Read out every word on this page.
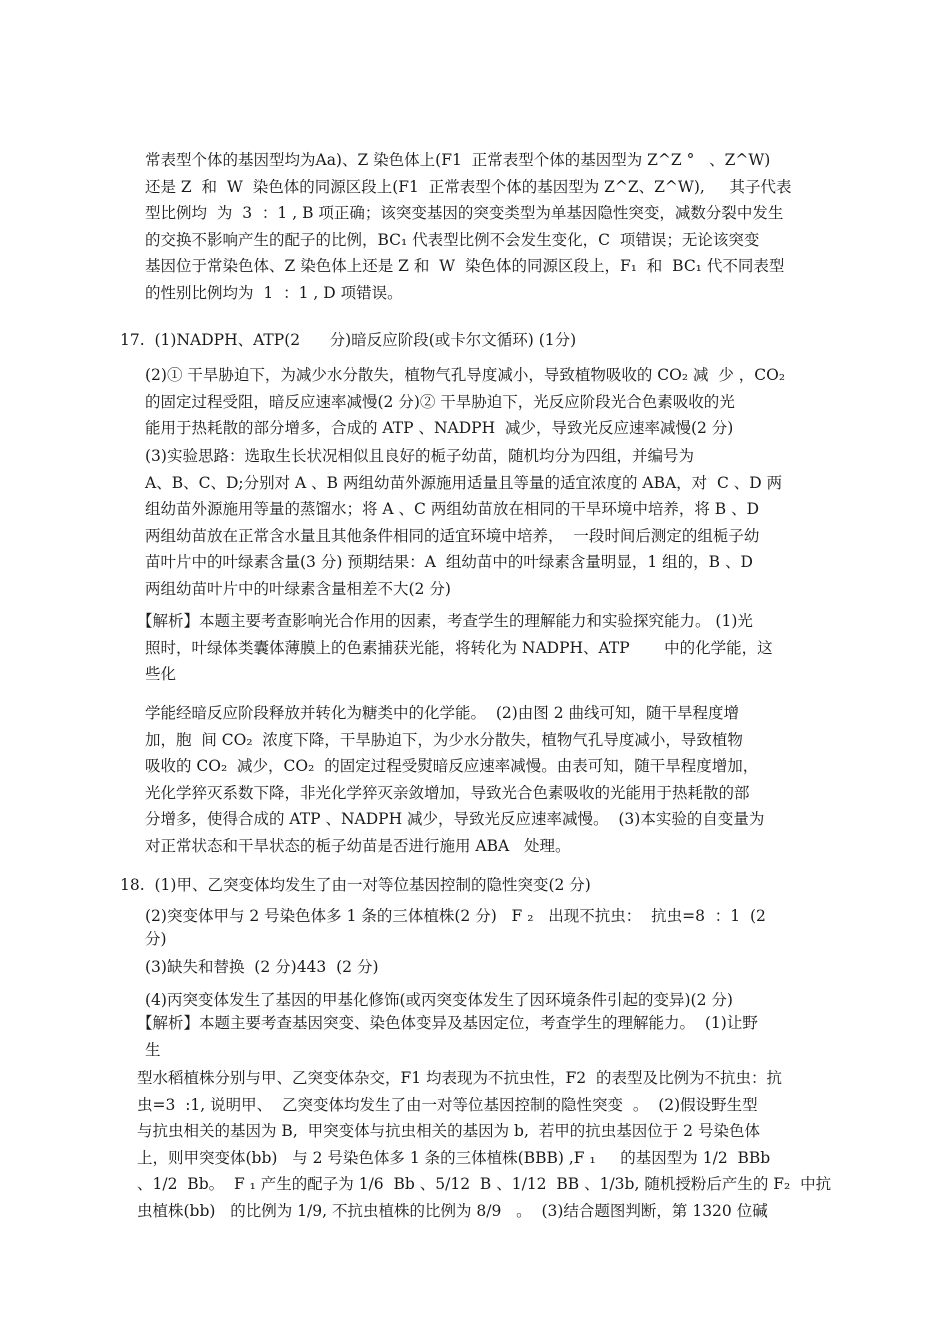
常表型个体的基因型均为Aa)、Z 染色体上(F1  正常表型个体的基因型为 Z^Z °   、Z^W)

还是 Z  和  W  染色体的同源区段上(F1  正常表型个体的基因型为 Z^Z、Z^W),     其子代表

型比例均  为  3  ：1 , B 项正确；该突变基因的突变类型为单基因隐性突变，减数分裂中发生

的交换不影响产生的配子的比例，BC₁ 代表型比例不会发生变化，C  项错误；无论该突变

基因位于常染色体、Z 染色体上还是 Z 和  W  染色体的同源区段上，F₁  和  BC₁ 代不同表型

的性别比例均为  1  ：1 , D 项错误。

17.  (1)NADPH、ATP(2      分)暗反应阶段(或卡尔文循环) (1分)

(2)① 干旱胁迫下，为减少水分散失，植物气孔导度减小，导致植物吸收的 CO₂ 减  少 ，CO₂

的固定过程受阻，暗反应速率减慢(2 分)② 干旱胁迫下，光反应阶段光合色素吸收的光

能用于热耗散的部分增多，合成的 ATP 、NADPH  减少，导致光反应速率减慢(2 分)

(3)实验思路：选取生长状况相似且良好的栀子幼苗，随机均分为四组，并编号为

A、B、C、D;分别对 A 、B 两组幼苗外源施用适量且等量的适宜浓度的 ABA，对  C 、D 两

组幼苗外源施用等量的蒸馏水；将 A 、C 两组幼苗放在相同的干旱环境中培养，将 B 、D

两组幼苗放在正常含水量且其他条件相同的适宜环境中培养，  一段时间后测定的组栀子幼

苗叶片中的叶绿素含量(3 分) 预期结果：A  组幼苗中的叶绿素含量明显，1 组的，B 、D

两组幼苗叶片中的叶绿素含量相差不大(2 分)

【解析】本题主要考查影响光合作用的因素，考查学生的理解能力和实验探究能力。 (1)光

照时，叶绿体类囊体薄膜上的色素捕获光能，将转化为 NADPH、ATP       中的化学能，这

些化

学能经暗反应阶段释放并转化为糖类中的化学能。  (2)由图 2 曲线可知，随干旱程度增

加，胞  间 CO₂  浓度下降，干旱胁迫下，为少水分散失，植物气孔导度减小，导致植物

吸收的 CO₂  减少，CO₂  的固定过程受熨暗反应速率减慢。由表可知，随干旱程度增加，

光化学猝灭系数下降，非光化学猝灭亲敛增加，导致光合色素吸收的光能用于热耗散的部

分增多，使得合成的 ATP 、NADPH 减少，导致光反应速率减慢。  (3)本实验的自变量为

对正常状态和干旱状态的栀子幼苗是否进行施用 ABA   处理。

18.  (1)甲、乙突变体均发生了由一对等位基因控制的隐性突变(2 分)

(2)突变体甲与 2 号染色体多 1 条的三体植株(2 分)   F ₂   出现不抗虫：  抗虫=8  ：1  (2

分)

(3)缺失和替换  (2 分)443  (2 分)

(4)丙突变体发生了基因的甲基化修饰(或丙突变体发生了因环境条件引起的变异)(2 分)

【解析】本题主要考查基因突变、染色体变异及基因定位，考查学生的理解能力。  (1)让野

生

型水稻植株分别与甲、乙突变体杂交，F1 均表现为不抗虫性，F2  的表型及比例为不抗虫：抗

虫=3  :1, 说明甲、  乙突变体均发生了由一对等位基因控制的隐性突变  。  (2)假设野生型

与抗虫相关的基因为 B,  甲突变体与抗虫相关的基因为 b,  若甲的抗虫基因位于 2 号染色体

上，则甲突变体(bb)   与 2 号染色体多 1 条的三体植株(BBB) ,F ₁     的基因型为 1/2  BBb

、1/2  Bb。  F ₁ 产生的配子为 1/6  Bb 、5/12  B 、1/12  BB 、1/3b, 随机授粉后产生的 F₂  中抗

虫植株(bb)   的比例为 1/9, 不抗虫植株的比例为 8/9   。  (3)结合题图判断，第 1320 位碱
